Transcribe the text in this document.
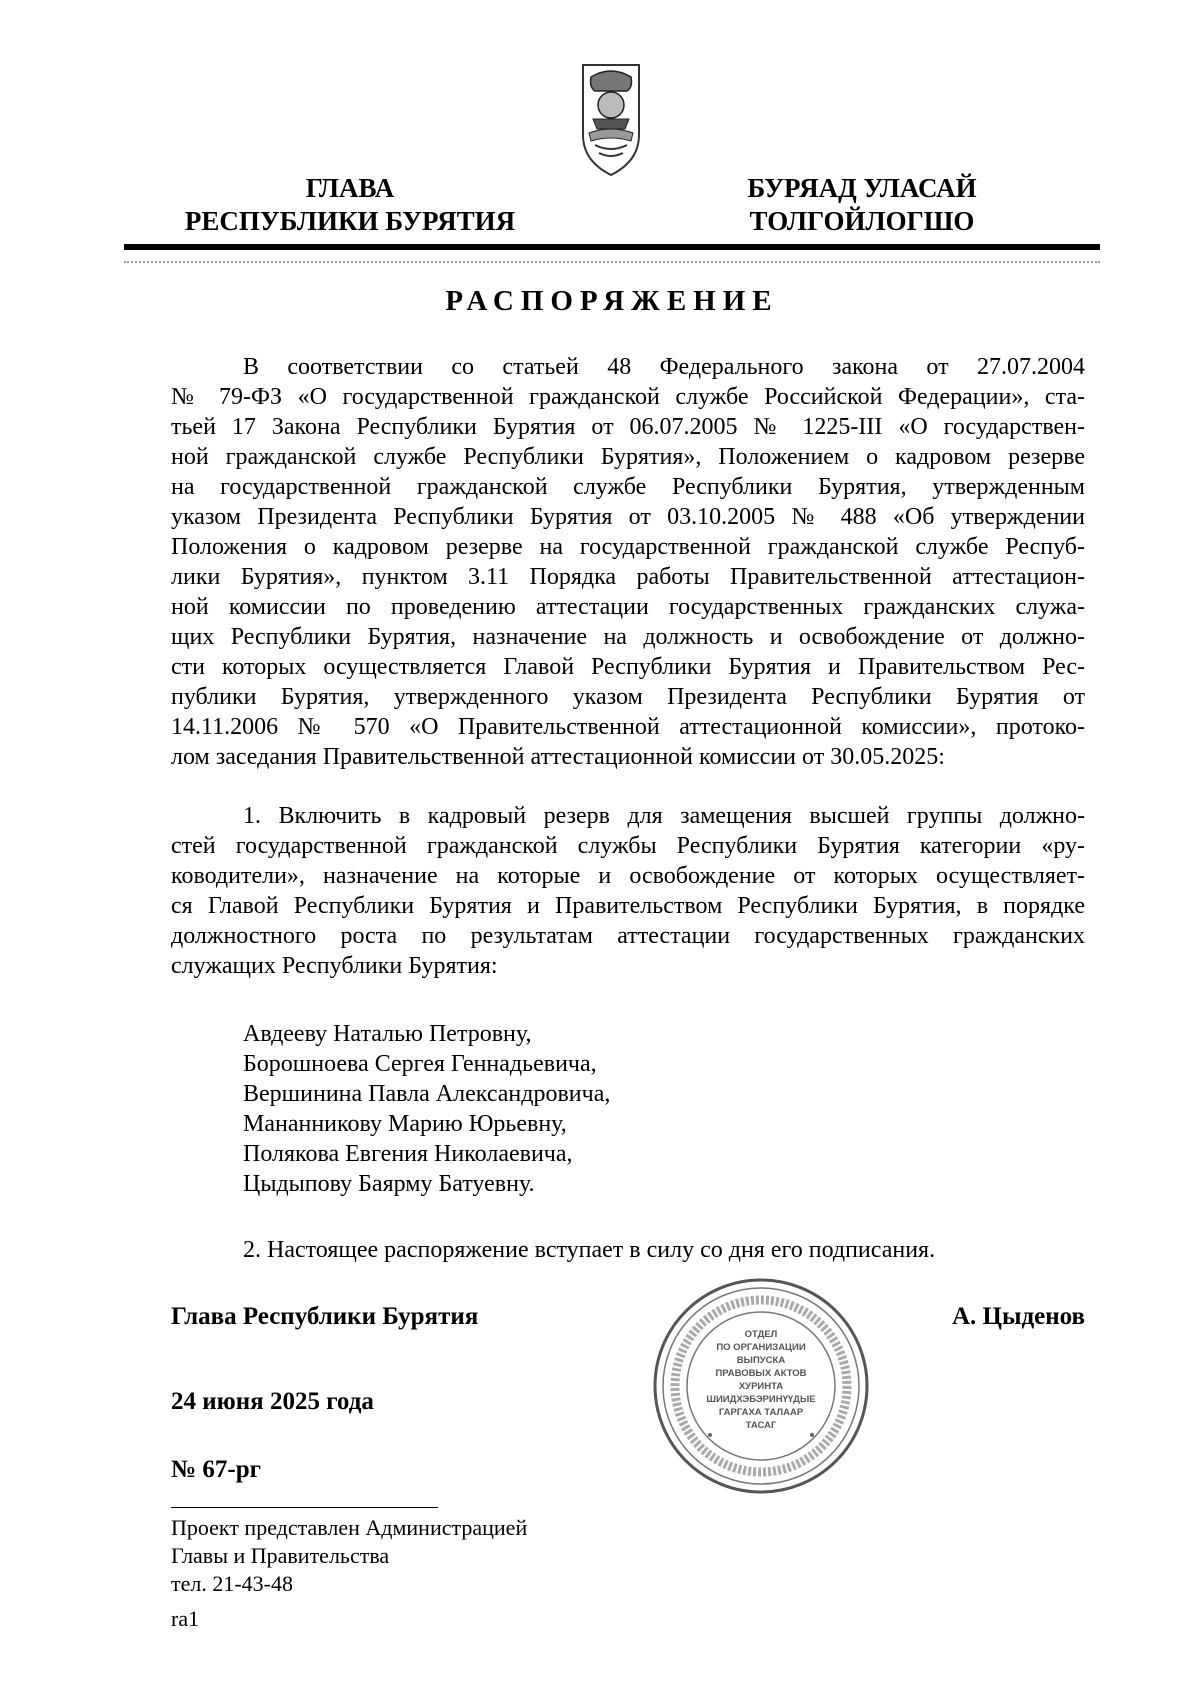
ГЛАВА
РЕСПУБЛИКИ БУРЯТИЯ
БУРЯАД УЛАСАЙ
ТОЛГОЙЛОГШО
РАСПОРЯЖЕНИЕ
В соответствии со статьей 48 Федерального закона от 27.07.2004
№ 79-ФЗ «О государственной гражданской службе Российской Федерации», ста-
тьей 17 Закона Республики Бурятия от 06.07.2005 № 1225-III «О государствен-
ной гражданской службе Республики Бурятия», Положением о кадровом резерве
на государственной гражданской службе Республики Бурятия, утвержденным
указом Президента Республики Бурятия от 03.10.2005 № 488 «Об утверждении
Положения о кадровом резерве на государственной гражданской службе Респуб-
лики Бурятия», пунктом 3.11 Порядка работы Правительственной аттестацион-
ной комиссии по проведению аттестации государственных гражданских служа-
щих Республики Бурятия, назначение на должность и освобождение от должно-
сти которых осуществляется Главой Республики Бурятия и Правительством Рес-
публики Бурятия, утвержденного указом Президента Республики Бурятия от
14.11.2006 № 570 «О Правительственной аттестационной комиссии», протоко-
лом заседания Правительственной аттестационной комиссии от 30.05.2025:
1. Включить в кадровый резерв для замещения высшей группы должно-
стей государственной гражданской службы Республики Бурятия категории «ру-
ководители», назначение на которые и освобождение от которых осуществляет-
ся Главой Республики Бурятия и Правительством Республики Бурятия, в порядке
должностного роста по результатам аттестации государственных гражданских
служащих Республики Бурятия:
Авдееву Наталью Петровну,
Борошноева Сергея Геннадьевича,
Вершинина Павла Александровича,
Мананникову Марию Юрьевну,
Полякова Евгения Николаевича,
Цыдыпову Баярму Батуевну.
2. Настоящее распоряжение вступает в силу со дня его подписания.
ОТДЕЛ
ПО ОРГАНИЗАЦИИ
ВЫПУСКА
ПРАВОВЫХ АКТОВ
ХУРИНТА
ШИИДХЭБЭРИНҮҮДЫЕ
ГАРГАХА ТАЛААР
ТАСАГ
Глава Республики Бурятия	А. Цыденов
24 июня 2025 года
№ 67-рг
Проект представлен Администрацией
Главы и Правительства
тел. 21-43-48
ra1
